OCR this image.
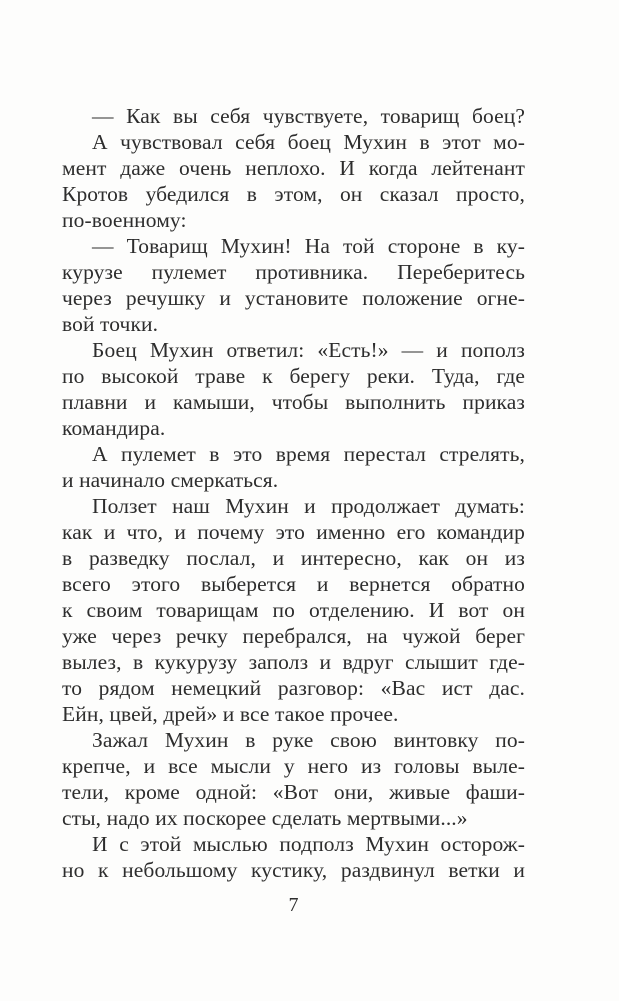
— Как вы себя чувствуете, товарищ боец?
А чувствовал себя боец Мухин в этот мо-
мент даже очень неплохо. И когда лейтенант
Кротов убедился в этом, он сказал просто,
по-военному:
— Товарищ Мухин! На той стороне в ку-
курузе пулемет противника. Переберитесь
через речушку и установите положение огне-
вой точки.
Боец Мухин ответил: «Есть!» — и пополз
по высокой траве к берегу реки. Туда, где
плавни и камыши, чтобы выполнить приказ
командира.
А пулемет в это время перестал стрелять,
и начинало смеркаться.
Ползет наш Мухин и продолжает думать:
как и что, и почему это именно его командир
в разведку послал, и интересно, как он из
всего этого выберется и вернется обратно
к своим товарищам по отделению. И вот он
уже через речку перебрался, на чужой берег
вылез, в кукурузу заполз и вдруг слышит где-
то рядом немецкий разговор: «Вас ист дас.
Ейн, цвей, дрей» и все такое прочее.
Зажал Мухин в руке свою винтовку по-
крепче, и все мысли у него из головы выле-
тели, кроме одной: «Вот они, живые фаши-
сты, надо их поскорее сделать мертвыми...»
И с этой мыслью подполз Мухин осторож-
но к небольшому кустику, раздвинул ветки и
7
